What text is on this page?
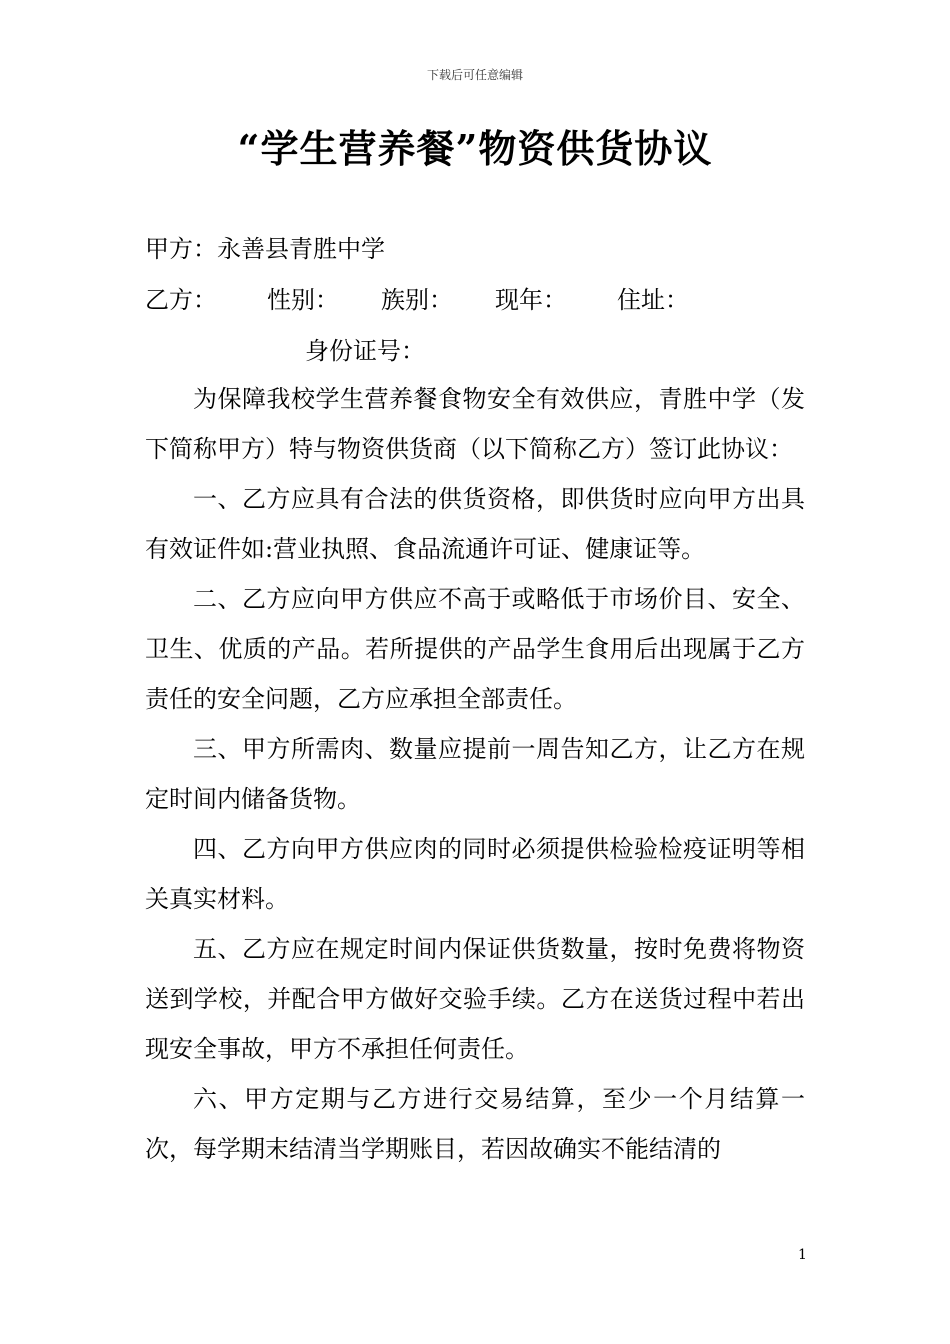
下载后可任意编辑
“学生营养餐”物资供货协议
甲方：永善县青胜中学
乙方： 性别： 族别： 现年： 住址：
身份证号：

为保障我校学生营养餐食物安全有效供应，青胜中学（发下简称甲方）特与物资供货商（以下简称乙方）签订此协议：

一、乙方应具有合法的供货资格，即供货时应向甲方出具有效证件如:营业执照、食品流通许可证、健康证等。

二、乙方应向甲方供应不高于或略低于市场价目、安全、卫生、优质的产品。若所提供的产品学生食用后出现属于乙方责任的安全问题，乙方应承担全部责任。

三、甲方所需肉、数量应提前一周告知乙方，让乙方在规定时间内储备货物。

四、乙方向甲方供应肉的同时必须提供检验检疫证明等相关真实材料。

五、乙方应在规定时间内保证供货数量，按时免费将物资送到学校，并配合甲方做好交验手续。乙方在送货过程中若出现安全事故，甲方不承担任何责任。

六、甲方定期与乙方进行交易结算，至少一个月结算一次，每学期末结清当学期账目，若因故确实不能结清的

1
